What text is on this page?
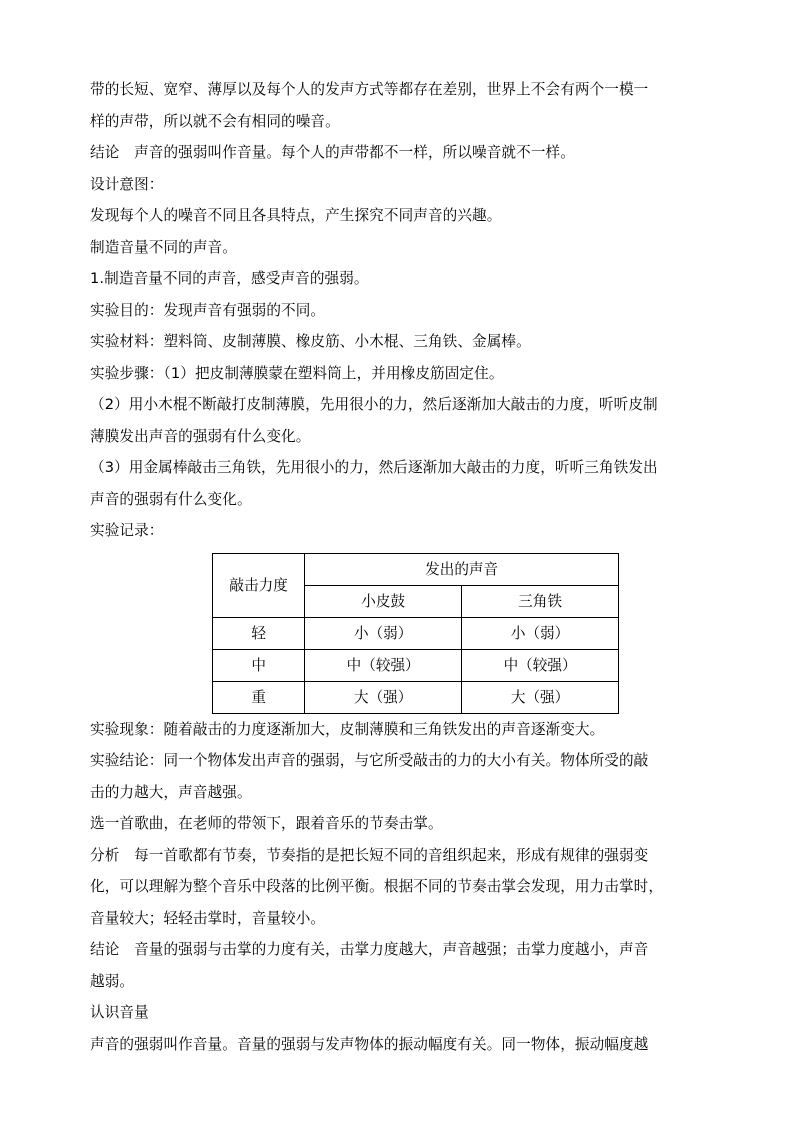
带的长短、宽窄、薄厚以及每个人的发声方式等都存在差别，世界上不会有两个一模一

样的声带，所以就不会有相同的噪音。

结论　声音的强弱叫作音量。每个人的声带都不一样，所以噪音就不一样。

设计意图：

发现每个人的噪音不同且各具特点，产生探究不同声音的兴趣。

制造音量不同的声音。

1.制造音量不同的声音，感受声音的强弱。

实验目的：发现声音有强弱的不同。

实验材料：塑料筒、皮制薄膜、橡皮筋、小木棍、三角铁、金属棒。

实验步骤：（1）把皮制薄膜蒙在塑料筒上，并用橡皮筋固定住。

（2）用小木棍不断敲打皮制薄膜，先用很小的力，然后逐渐加大敲击的力度，听听皮制

薄膜发出声音的强弱有什么变化。

（3）用金属棒敲击三角铁，先用很小的力，然后逐渐加大敲击的力度，听听三角铁发出

声音的强弱有什么变化。

实验记录：

敲击力度	发出的声音	
	小皮鼓	三角铁
轻	小（弱）	小（弱）
中	中（较强）	中（较强）
重	大（强）	大（强）

实验现象：随着敲击的力度逐渐加大，皮制薄膜和三角铁发出的声音逐渐变大。

实验结论：同一个物体发出声音的强弱，与它所受敲击的力的大小有关。物体所受的敲

击的力越大，声音越强。

选一首歌曲，在老师的带领下，跟着音乐的节奏击掌。

分析　每一首歌都有节奏，节奏指的是把长短不同的音组织起来，形成有规律的强弱变

化，可以理解为整个音乐中段落的比例平衡。根据不同的节奏击掌会发现，用力击掌时，

音量较大；轻轻击掌时，音量较小。

结论　音量的强弱与击掌的力度有关，击掌力度越大，声音越强；击掌力度越小，声音

越弱。

认识音量

声音的强弱叫作音量。音量的强弱与发声物体的振动幅度有关。同一物体，振动幅度越
